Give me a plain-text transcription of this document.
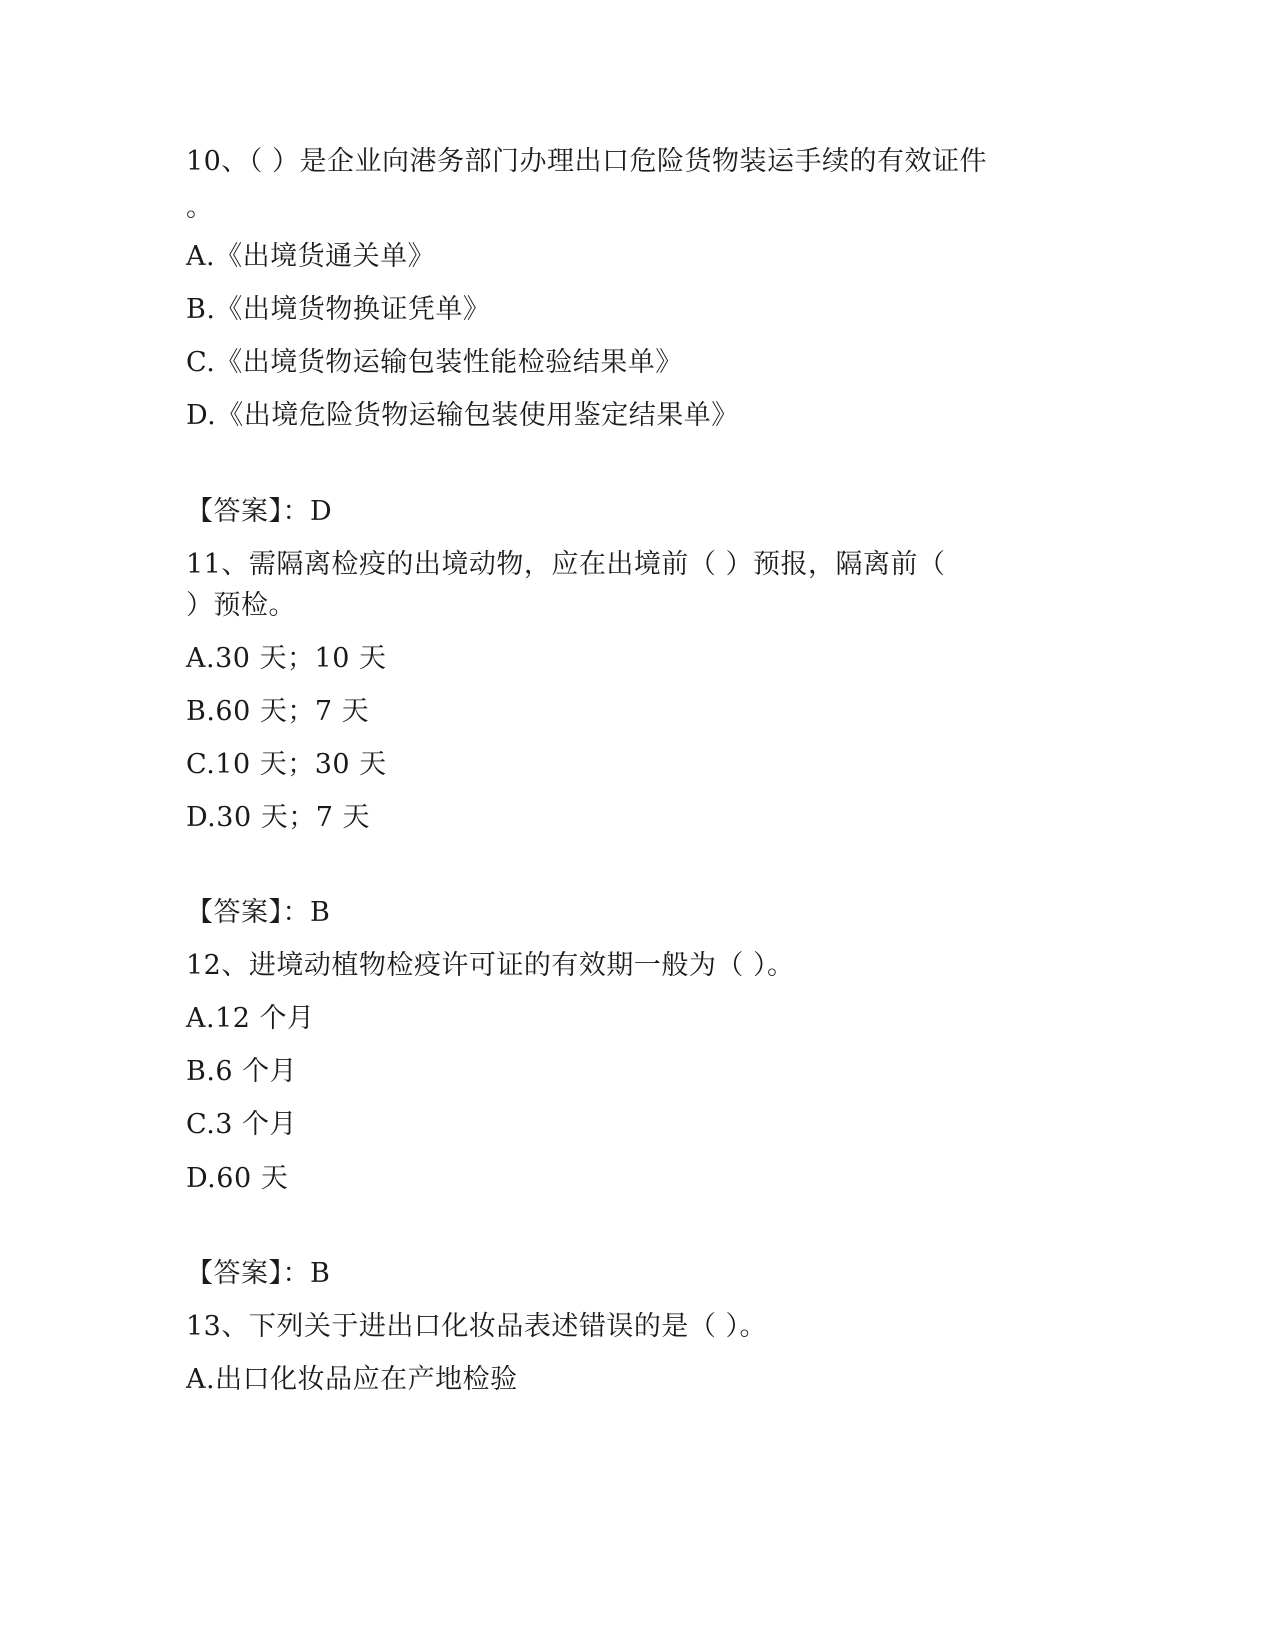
10、（ ）是企业向港务部门办理出口危险货物装运手续的有效证件
。
A.《出境货通关单》
B.《出境货物换证凭单》
C.《出境货物运输包装性能检验结果单》
D.《出境危险货物运输包装使用鉴定结果单》
【答案】：D
11、需隔离检疫的出境动物，应在出境前（ ）预报，隔离前（
）预检。
A.30 天；10 天
B.60 天；7 天
C.10 天；30 天
D.30 天；7 天
【答案】：B
12、进境动植物检疫许可证的有效期一般为（ ）。
A.12 个月
B.6 个月
C.3 个月
D.60 天
【答案】：B
13、下列关于进出口化妆品表述错误的是（ ）。
A.出口化妆品应在产地检验
